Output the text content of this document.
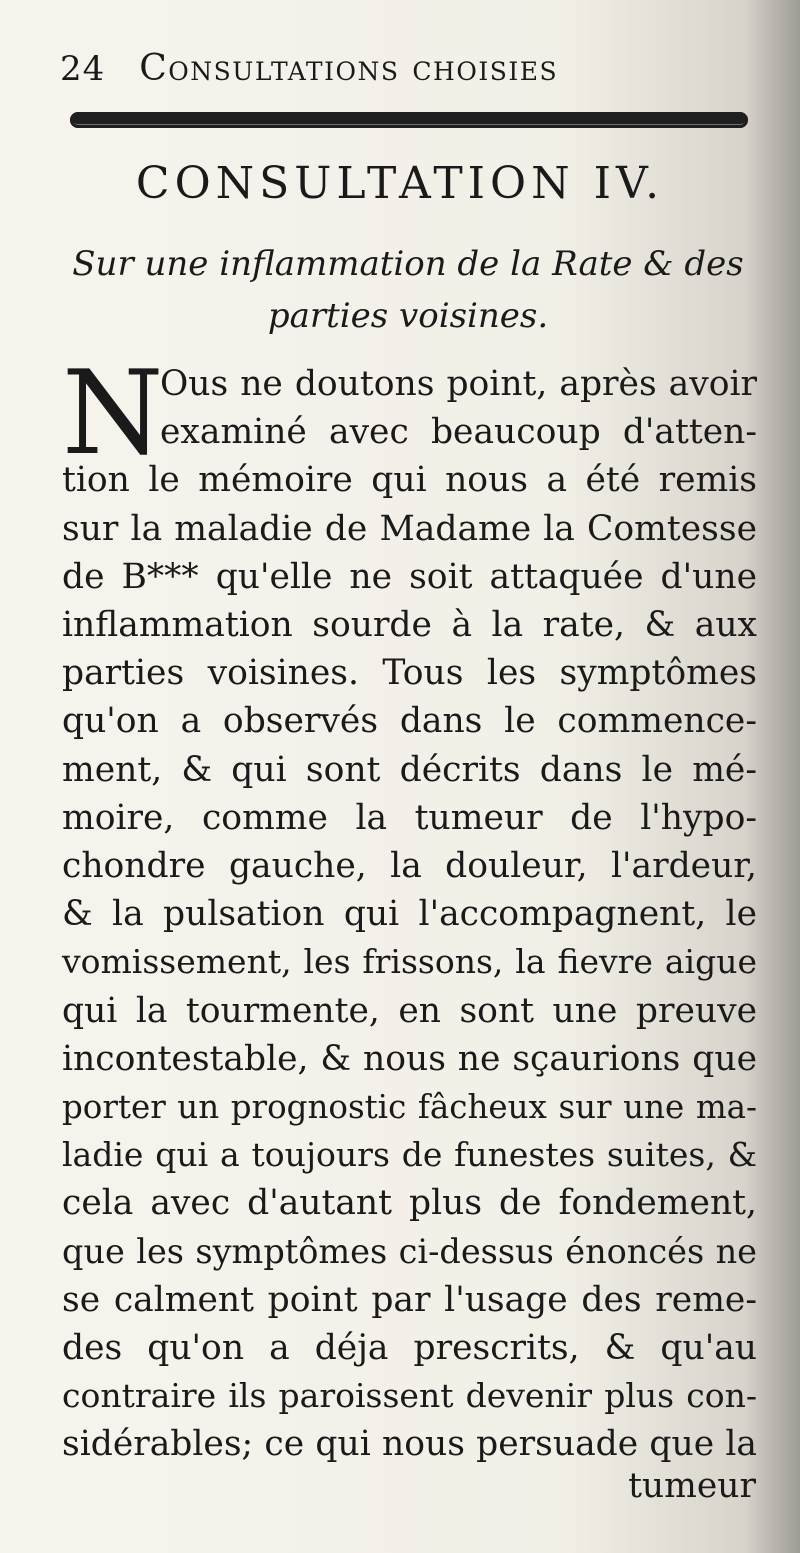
24 Consultations choisies
CONSULTATION IV.
Sur une inflammation de la Rate & des parties voisines.
N
Ous ne doutons point, après avoir
examiné avec beaucoup d'atten-
tion le mémoire qui nous a été remis
sur la maladie de Madame la Comtesse
de B*** qu'elle ne soit attaquée d'une
inflammation sourde à la rate, & aux
parties voisines. Tous les symptômes
qu'on a observés dans le commence-
ment, & qui sont décrits dans le mé-
moire, comme la tumeur de l'hypo-
chondre gauche, la douleur, l'ardeur,
& la pulsation qui l'accompagnent, le
vomissement, les frissons, la fievre aigue
qui la tourmente, en sont une preuve
incontestable, & nous ne sçaurions que
porter un prognostic fâcheux sur une ma-
ladie qui a toujours de funestes suites, &
cela avec d'autant plus de fondement,
que les symptômes ci-dessus énoncés ne
se calment point par l'usage des reme-
des qu'on a déja prescrits, & qu'au
contraire ils paroissent devenir plus con-
sidérables; ce qui nous persuade que la
tumeur
